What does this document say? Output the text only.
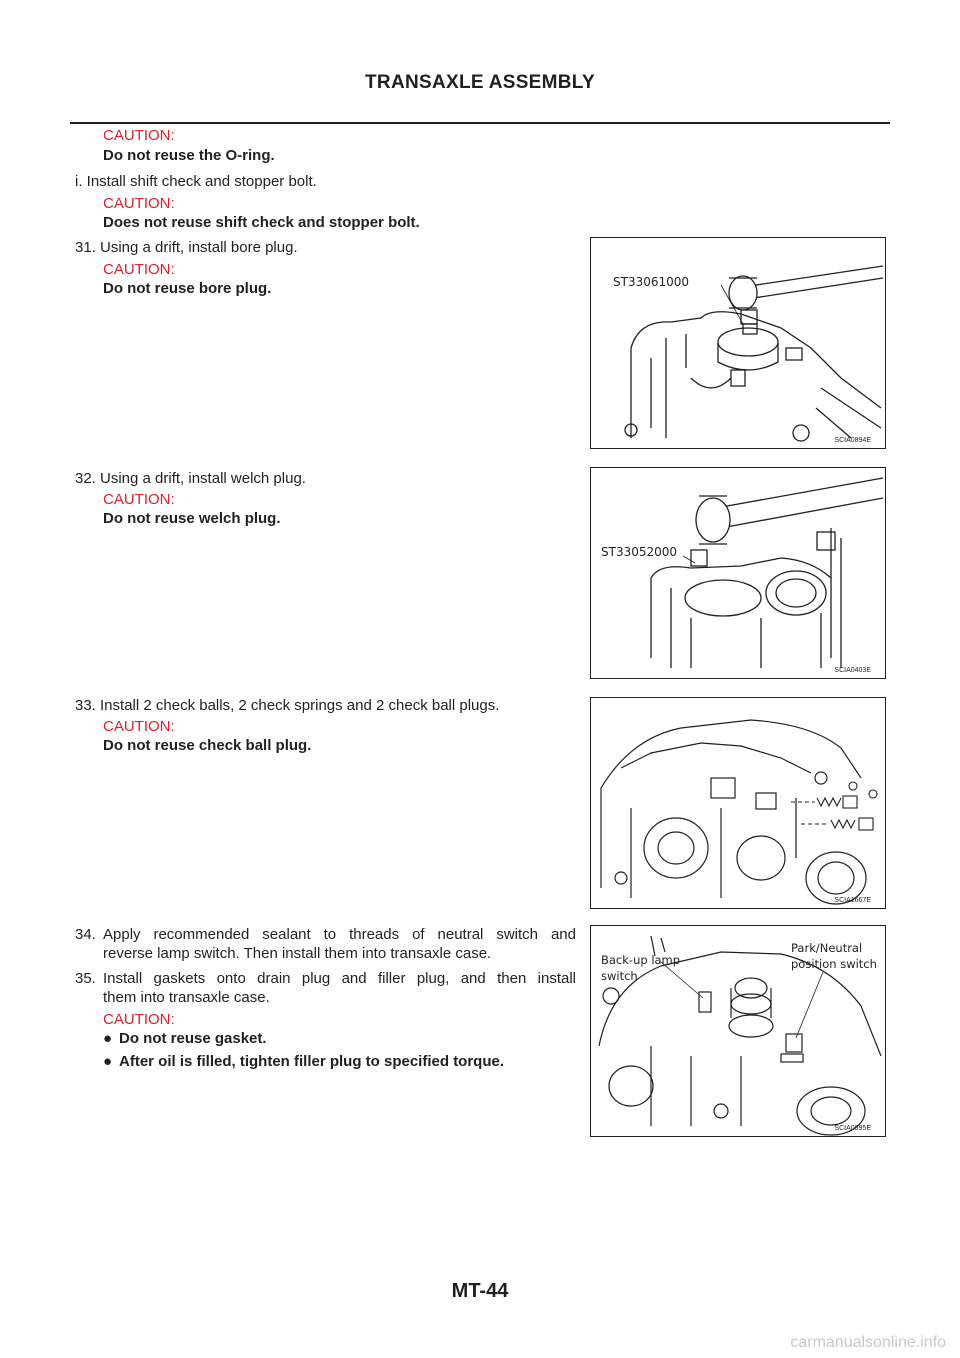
TRANSAXLE ASSEMBLY
CAUTION:
Do not reuse the O-ring.
i. Install shift check and stopper bolt.
CAUTION:
Does not reuse shift check and stopper bolt.
31. Using a drift, install bore plug.
CAUTION:
Do not reuse bore plug.
32. Using a drift, install welch plug.
CAUTION:
Do not reuse welch plug.
33. Install 2 check balls, 2 check springs and 2 check ball plugs.
CAUTION:
Do not reuse check ball plug.
34. Apply recommended sealant to threads of neutral switch and
reverse lamp switch. Then install them into transaxle case.
35. Install gaskets onto drain plug and filler plug, and then install
them into transaxle case.
CAUTION:
● Do not reuse gasket.
● After oil is filled, tighten filler plug to specified torque.
ST33061000
SCIA0894E
ST33052000
SCIA0403E
SCIA1667E
Back-up lamp
switch
Park/Neutral
position switch
SCIA0895E
MT-44
carmanualsonline.info
